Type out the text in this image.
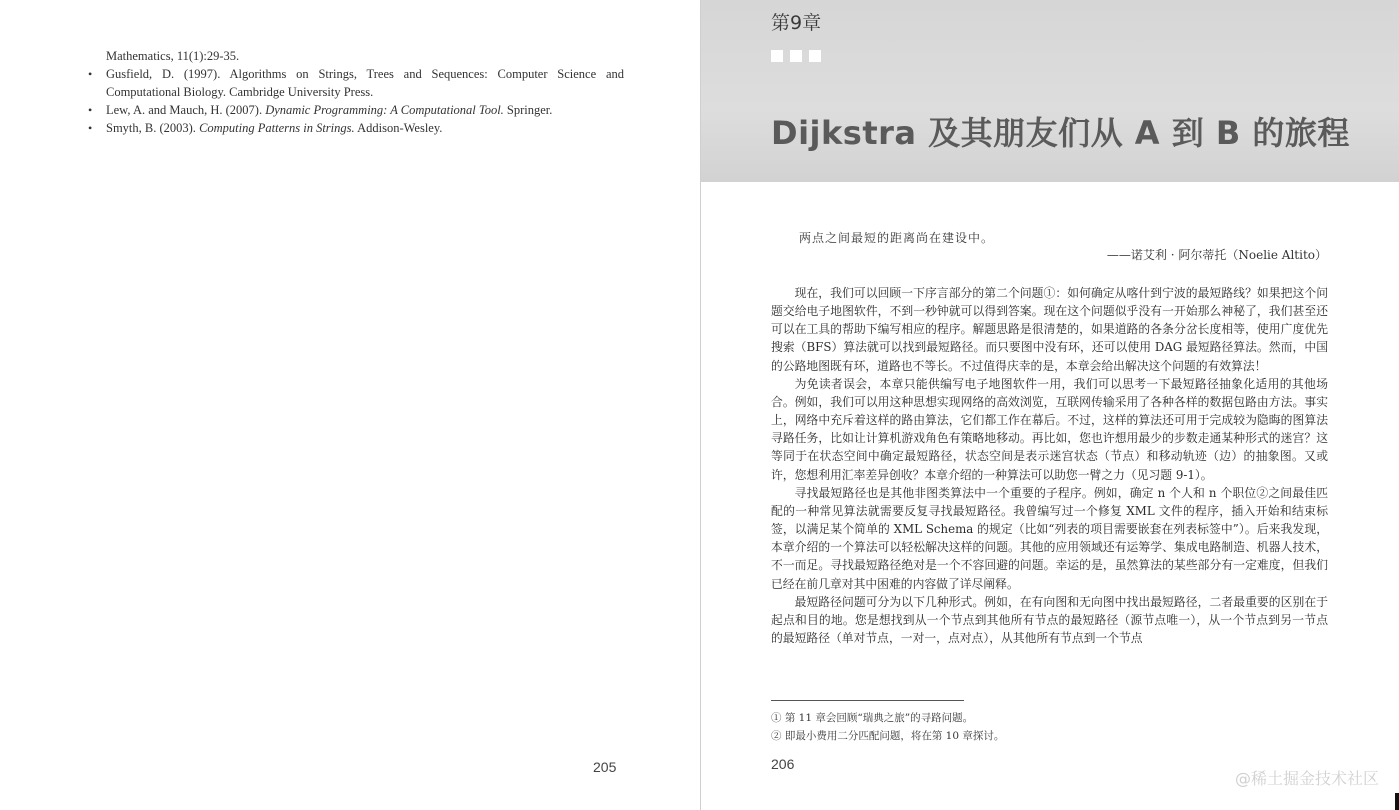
Mathematics, 11(1):29-35.
• Gusfield, D. (1997). Algorithms on Strings, Trees and Sequences: Computer Science and Computational Biology. Cambridge University Press.
• Lew, A. and Mauch, H. (2007). Dynamic Programming: A Computational Tool. Springer.
• Smyth, B. (2003). Computing Patterns in Strings. Addison-Wesley.
205
第9章
Dijkstra 及其朋友们从 A 到 B 的旅程
两点之间最短的距离尚在建设中。
——诺艾利 · 阿尔蒂托（Noelie Altito）

现在，我们可以回顾一下序言部分的第二个问题①：如何确定从喀什到宁波的最短路线？如果把这个问题交给电子地图软件，不到一秒钟就可以得到答案。现在这个问题似乎没有一开始那么神秘了，我们甚至还可以在工具的帮助下编写相应的程序。解题思路是很清楚的，如果道路的各条分岔长度相等，使用广度优先搜索（BFS）算法就可以找到最短路径。而只要图中没有环，还可以使用 DAG 最短路径算法。然而，中国的公路地图既有环，道路也不等长。不过值得庆幸的是，本章会给出解决这个问题的有效算法！

为免读者误会，本章只能供编写电子地图软件一用，我们可以思考一下最短路径抽象化适用的其他场合。例如，我们可以用这种思想实现网络的高效浏览，互联网传输采用了各种各样的数据包路由方法。事实上，网络中充斥着这样的路由算法，它们都工作在幕后。不过，这样的算法还可用于完成较为隐晦的图算法寻路任务，比如让计算机游戏角色有策略地移动。再比如，您也许想用最少的步数走通某种形式的迷宫？这等同于在状态空间中确定最短路径，状态空间是表示迷宫状态（节点）和移动轨迹（边）的抽象图。又或许，您想利用汇率差异创收？本章介绍的一种算法可以助您一臂之力（见习题 9-1）。

寻找最短路径也是其他非图类算法中一个重要的子程序。例如，确定 n 个人和 n 个职位②之间最佳匹配的一种常见算法就需要反复寻找最短路径。我曾编写过一个修复 XML 文件的程序，插入开始和结束标签，以满足某个简单的 XML Schema 的规定（比如“列表的项目需要嵌套在列表标签中”）。后来我发现，本章介绍的一个算法可以轻松解决这样的问题。其他的应用领域还有运筹学、集成电路制造、机器人技术，不一而足。寻找最短路径绝对是一个不容回避的问题。幸运的是，虽然算法的某些部分有一定难度，但我们已经在前几章对其中困难的内容做了详尽阐释。

最短路径问题可分为以下几种形式。例如，在有向图和无向图中找出最短路径，二者最重要的区别在于起点和目的地。您是想找到从一个节点到其他所有节点的最短路径（源节点唯一），从一个节点到另一节点的最短路径（单对节点，一对一，点对点），从其他所有节点到一个节点

① 第 11 章会回顾“瑞典之旅”的寻路问题。
② 即最小费用二分匹配问题，将在第 10 章探讨。
206
@稀土掘金技术社区
